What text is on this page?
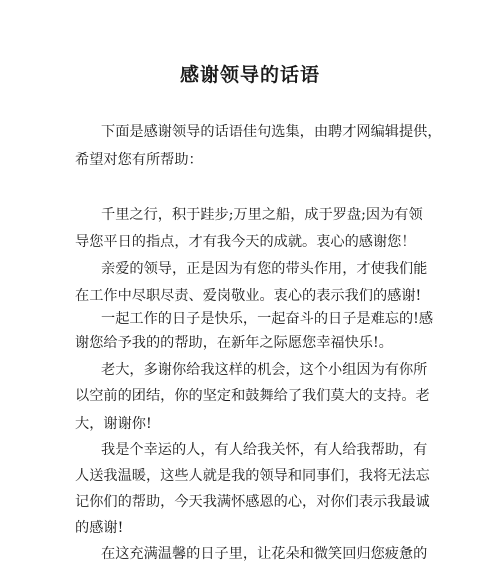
感谢领导的话语
下面是感谢领导的话语佳句选集，由聘才网编辑提供，
希望对您有所帮助：
千里之行，积于跬步;万里之船，成于罗盘;因为有领
导您平日的指点，才有我今天的成就。衷心的感谢您！
亲爱的领导，正是因为有您的带头作用，才使我们能
在工作中尽职尽责、爱岗敬业。衷心的表示我们的感谢!
一起工作的日子是快乐，一起奋斗的日子是难忘的!感
谢您给予我的的帮助，在新年之际愿您幸福快乐!。
老大，多谢你给我这样的机会，这个小组因为有你所
以空前的团结，你的坚定和鼓舞给了我们莫大的支持。老
大，谢谢你!
我是个幸运的人，有人给我关怀，有人给我帮助，有
人送我温暖，这些人就是我的领导和同事们，我将无法忘
记你们的帮助，今天我满怀感恩的心，对你们表示我最诚
的感谢!
在这充满温馨的日子里，让花朵和微笑回归您疲惫的
